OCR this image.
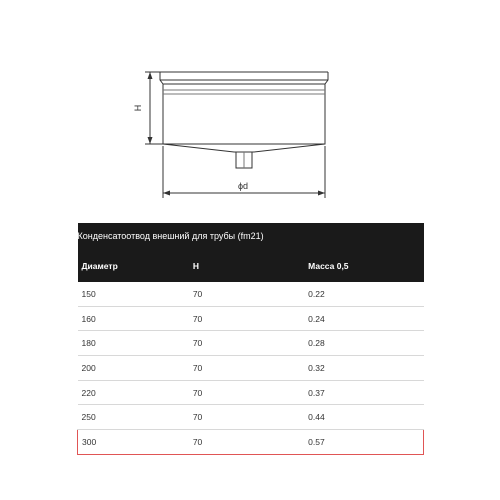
H
ϕd
Конденсатоотвод внешний для трубы (fm21)		
Диаметр	H	Масса 0,5
150	70	0.22
160	70	0.24
180	70	0.28
200	70	0.32
220	70	0.37
250	70	0.44
300	70	0.57
